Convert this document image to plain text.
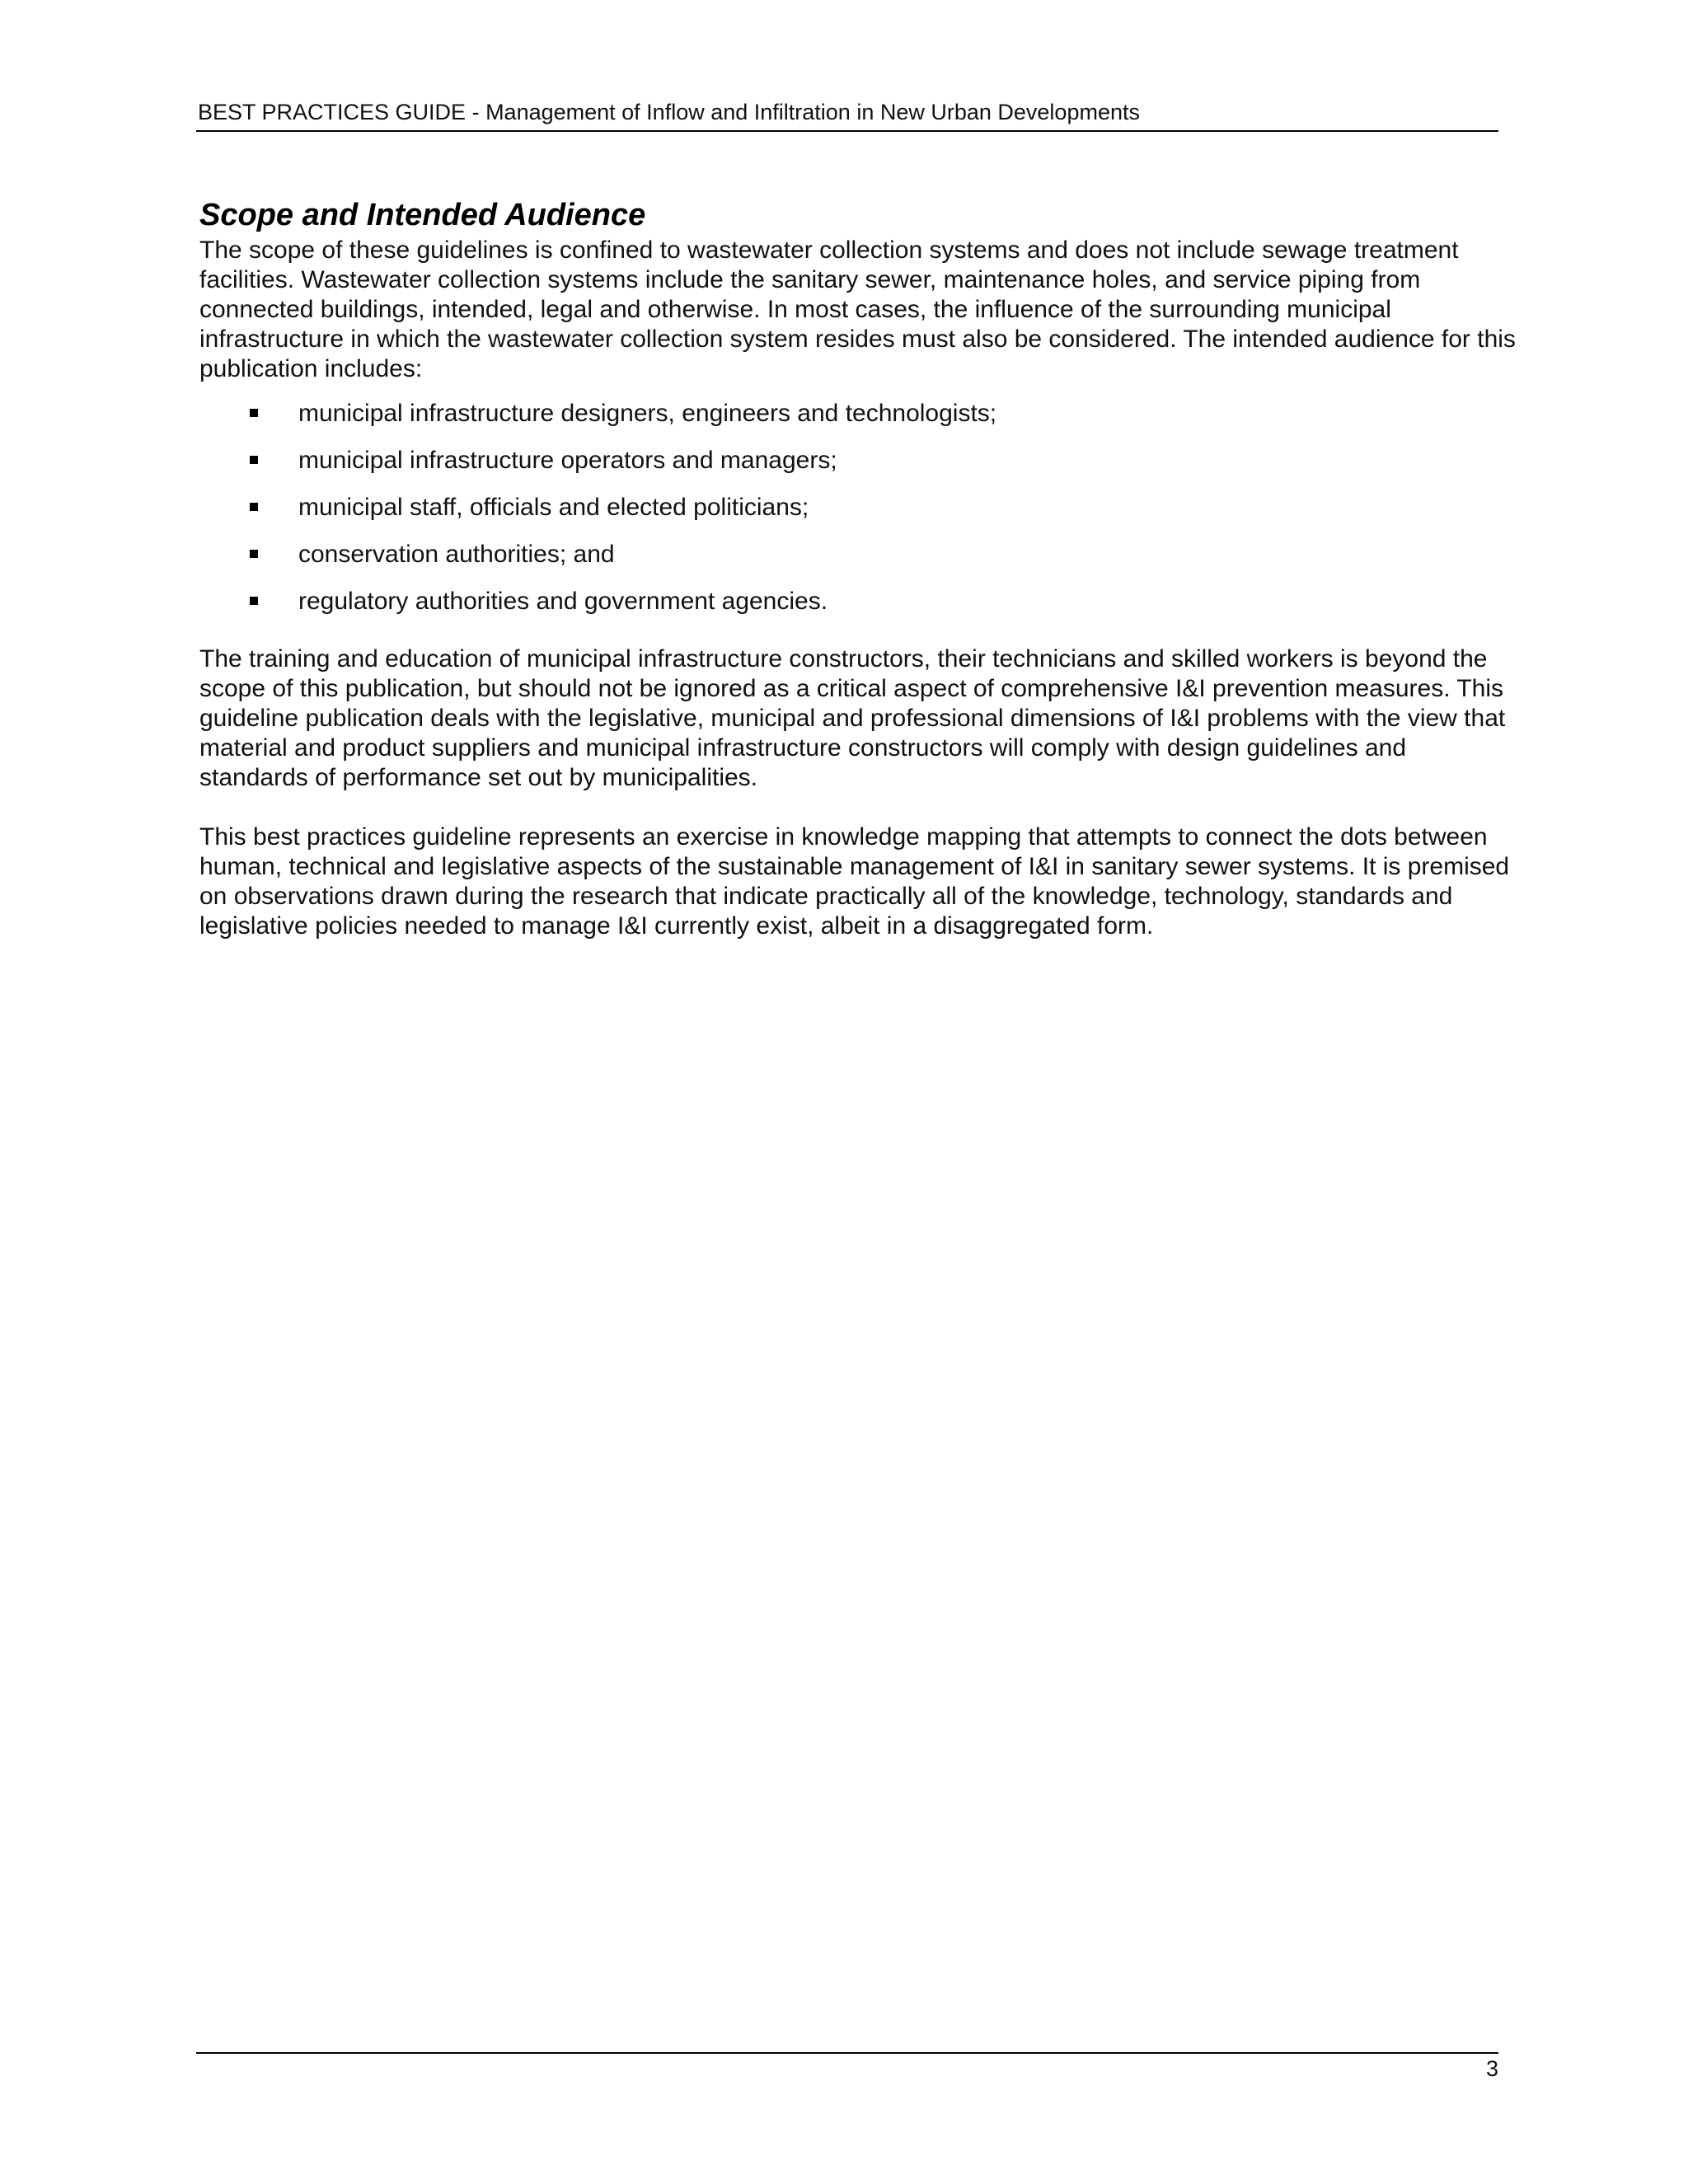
BEST PRACTICES GUIDE - Management of Inflow and Infiltration in New Urban Developments
Scope and Intended Audience

The scope of these guidelines is confined to wastewater collection systems and does not include sewage treatment facilities. Wastewater collection systems include the sanitary sewer, maintenance holes, and service piping from connected buildings, intended, legal and otherwise. In most cases, the influence of the surrounding municipal infrastructure in which the wastewater collection system resides must also be considered. The intended audience for this publication includes:

municipal infrastructure designers, engineers and technologists;
municipal infrastructure operators and managers;
municipal staff, officials and elected politicians;
conservation authorities; and
regulatory authorities and government agencies.

The training and education of municipal infrastructure constructors, their technicians and skilled workers is beyond the scope of this publication, but should not be ignored as a critical aspect of comprehensive I&I prevention measures. This guideline publication deals with the legislative, municipal and professional dimensions of I&I problems with the view that material and product suppliers and municipal infrastructure constructors will comply with design guidelines and standards of performance set out by municipalities.

This best practices guideline represents an exercise in knowledge mapping that attempts to connect the dots between human, technical and legislative aspects of the sustainable management of I&I in sanitary sewer systems. It is premised on observations drawn during the research that indicate practically all of the knowledge, technology, standards and legislative policies needed to manage I&I currently exist, albeit in a disaggregated form.

3
